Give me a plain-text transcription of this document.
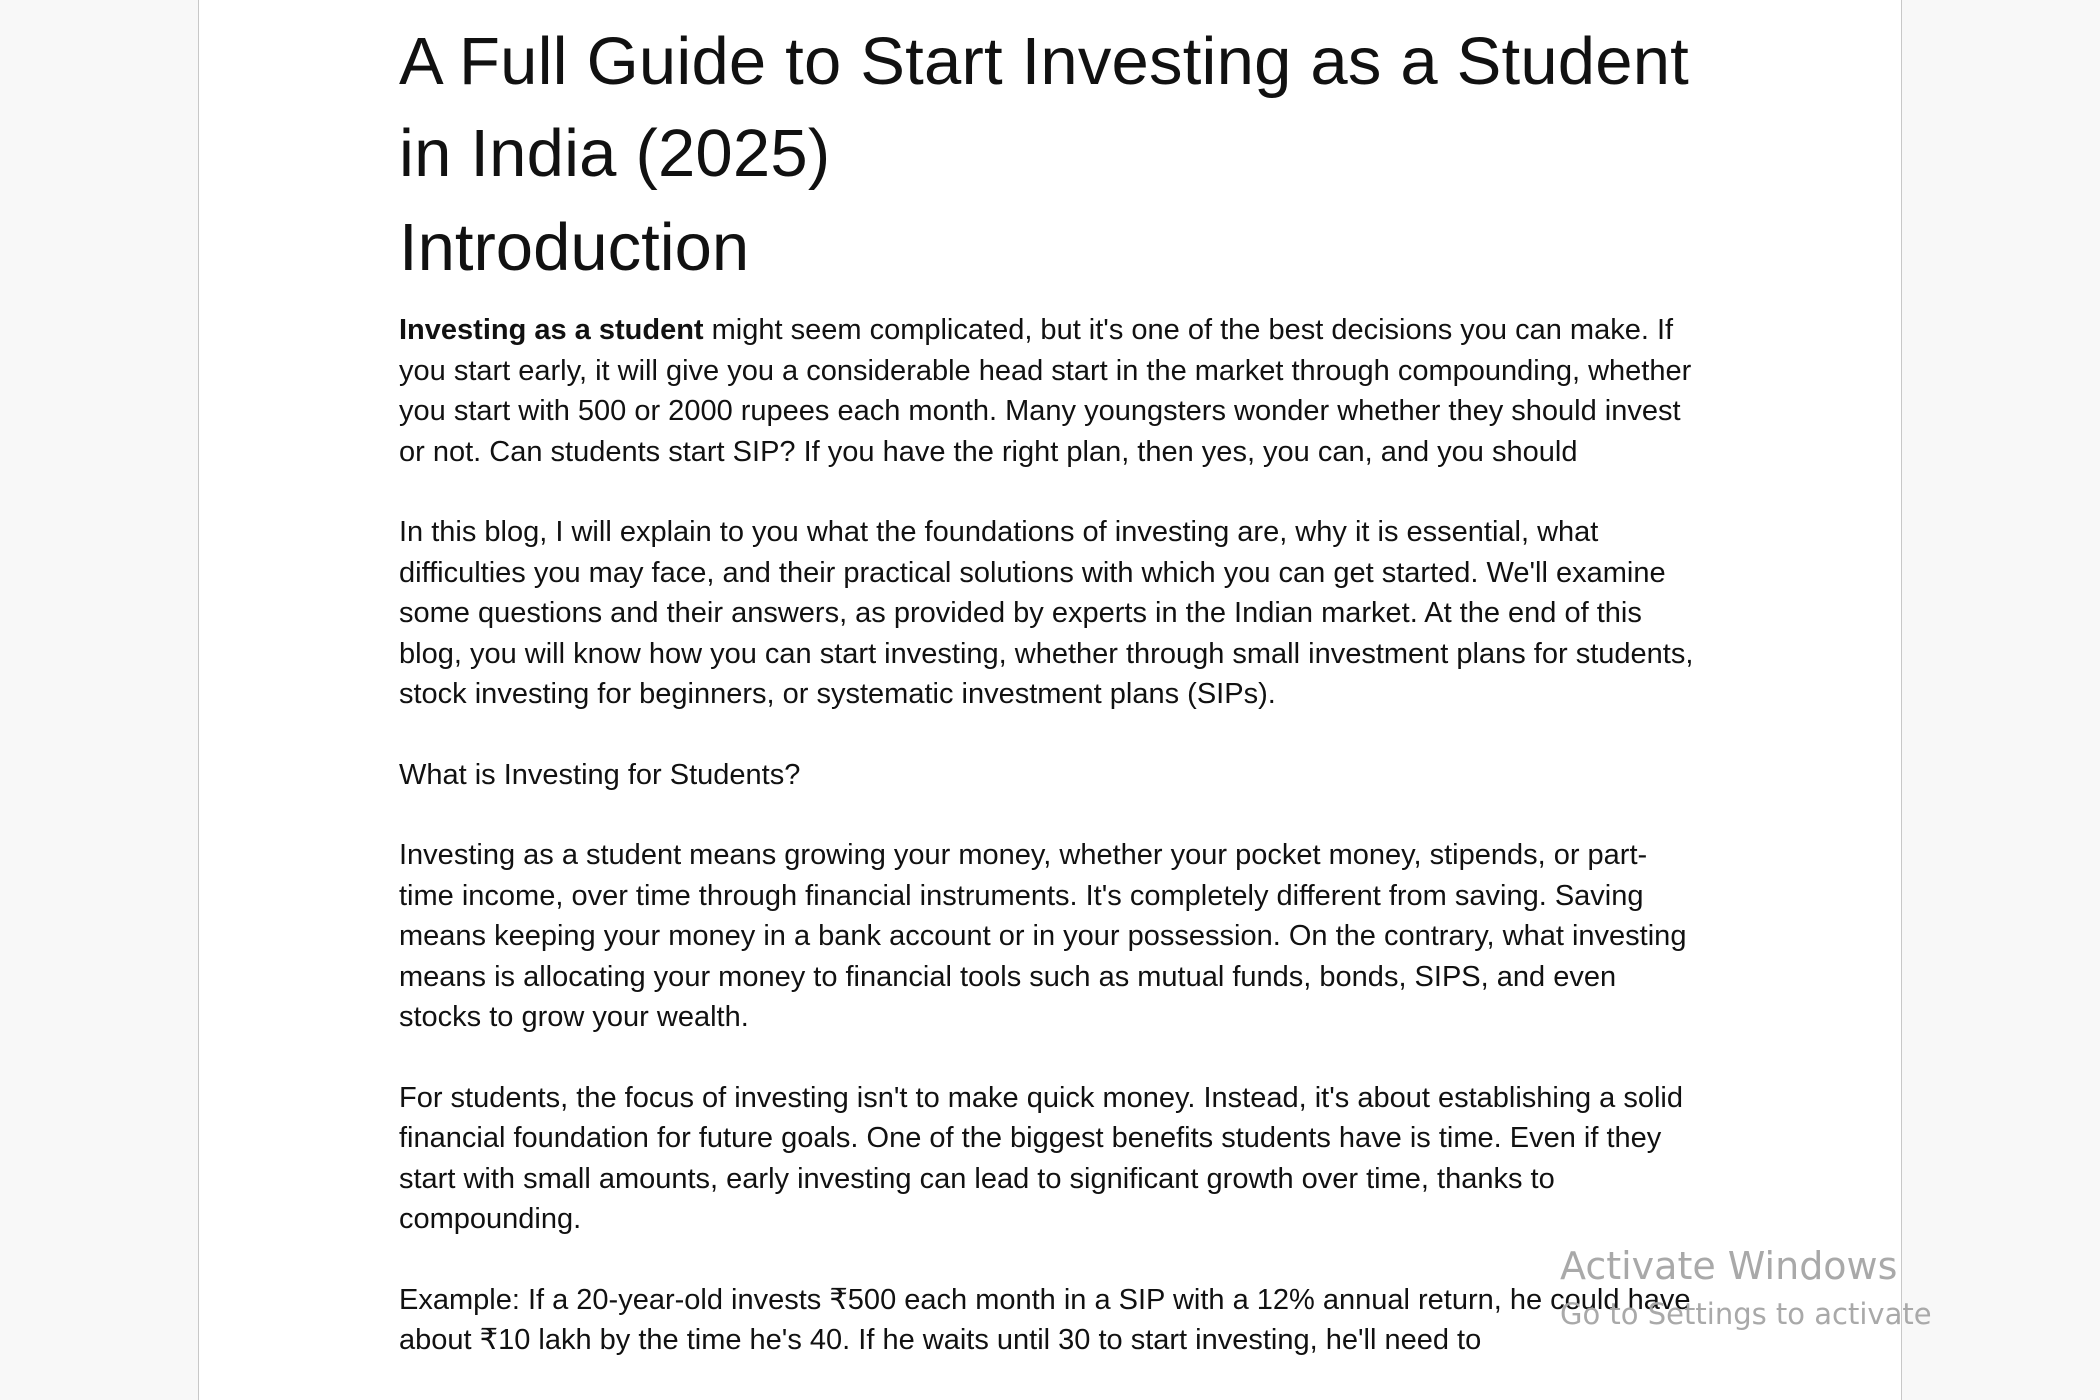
A Full Guide to Start Investing as a Student in India (2025)
Introduction

Investing as a student might seem complicated, but it's one of the best decisions you can make. If you start early, it will give you a considerable head start in the market through compounding, whether you start with 500 or 2000 rupees each month. Many youngsters wonder whether they should invest or not. Can students start SIP? If you have the right plan, then yes, you can, and you should

In this blog, I will explain to you what the foundations of investing are, why it is essential, what difficulties you may face, and their practical solutions with which you can get started. We'll examine some questions and their answers, as provided by experts in the Indian market. At the end of this blog, you will know how you can start investing, whether through small investment plans for students, stock investing for beginners, or systematic investment plans (SIPs).

What is Investing for Students?

Investing as a student means growing your money, whether your pocket money, stipends, or part-time income, over time through financial instruments. It's completely different from saving. Saving means keeping your money in a bank account or in your possession. On the contrary, what investing means is allocating your money to financial tools such as mutual funds, bonds, SIPS, and even stocks to grow your wealth.

For students, the focus of investing isn't to make quick money. Instead, it's about establishing a solid financial foundation for future goals. One of the biggest benefits students have is time. Even if they start with small amounts, early investing can lead to significant growth over time, thanks to compounding.

Example: If a 20-year-old invests ₹500 each month in a SIP with a 12% annual return, he could have about ₹10 lakh by the time he's 40. If he waits until 30 to start investing, he'll need to

Activate Windows
Go to Settings to activate
